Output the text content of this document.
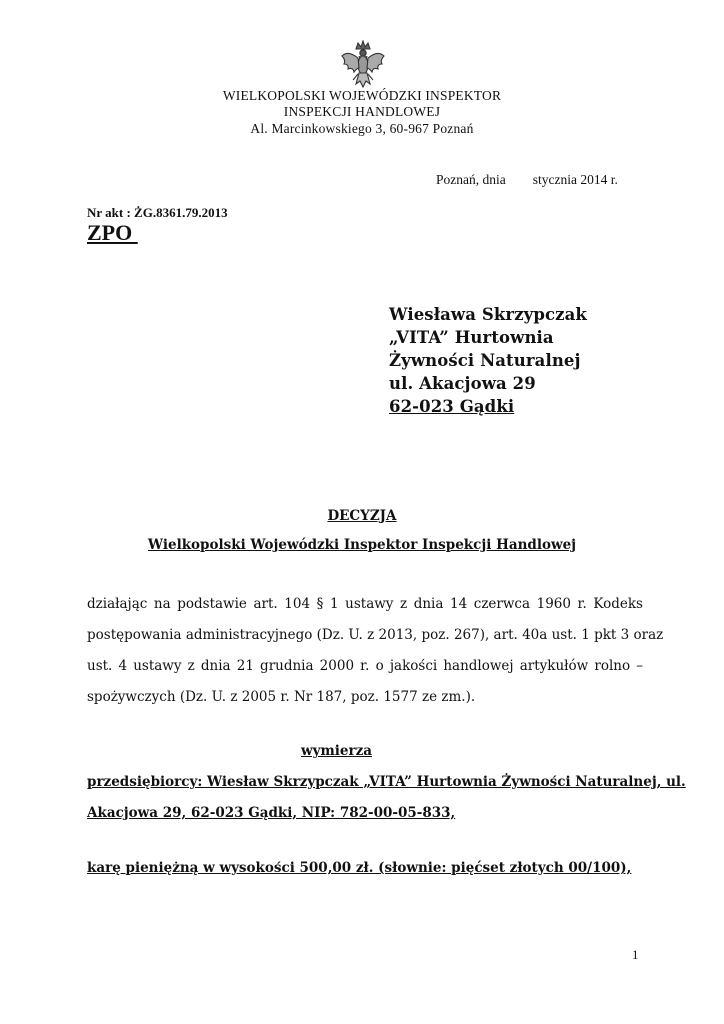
WIELKOPOLSKI WOJEWÓDZKI INSPEKTOR
INSPEKCJI HANDLOWEJ
Al. Marcinkowskiego 3, 60-967 Poznań
Poznań, dnia        stycznia 2014 r.
Nr akt : ŻG.8361.79.2013
ZPO
Wiesława Skrzypczak
„VITA” Hurtownia
Żywności Naturalnej
ul. Akacjowa 29
62-023 Gądki
DECYZJA
Wielkopolski Wojewódzki Inspektor Inspekcji Handlowej
działając na podstawie art. 104 § 1 ustawy z dnia 14 czerwca 1960 r. Kodeks
postępowania administracyjnego (Dz. U. z 2013, poz. 267), art. 40a ust. 1 pkt 3 oraz
ust. 4 ustawy z dnia 21 grudnia 2000 r. o jakości handlowej artykułów rolno –
spożywczych (Dz. U. z 2005 r. Nr 187, poz. 1577 ze zm.).
wymierza
przedsiębiorcy: Wiesław Skrzypczak „VITA” Hurtownia Żywności Naturalnej, ul.
Akacjowa 29, 62-023 Gądki, NIP: 782-00-05-833,
karę pieniężną w wysokości 500,00 zł. (słownie: pięćset złotych 00/100),
1
